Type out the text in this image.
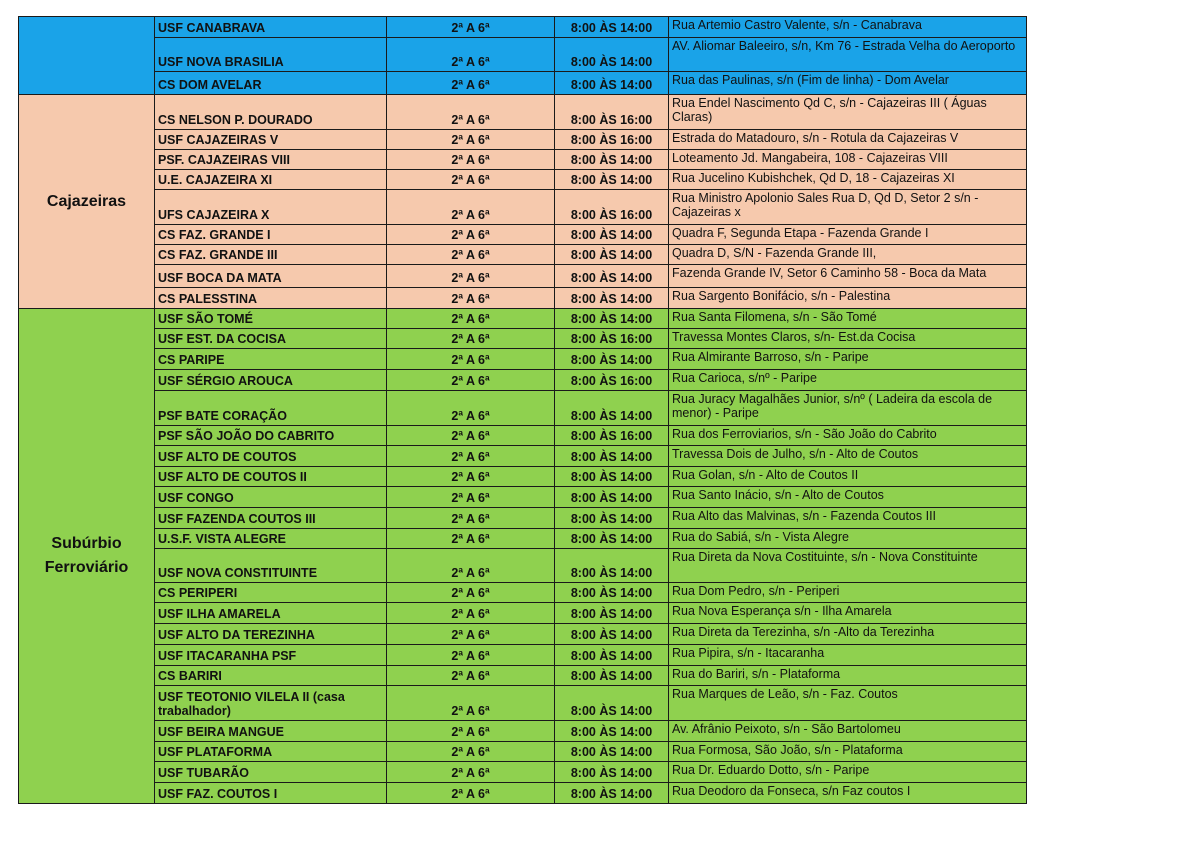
	USF CANABRAVA	2ª A 6ª	8:00 ÀS 14:00	Rua Artemio Castro Valente, s/n - Canabrava
	USF NOVA BRASILIA	2ª A 6ª	8:00 ÀS 14:00	AV. Aliomar Baleeiro, s/n, Km 76 - Estrada Velha do Aeroporto
	CS DOM AVELAR	2ª A 6ª	8:00 ÀS 14:00	Rua das Paulinas, s/n (Fim de linha) - Dom Avelar
Cajazeiras	CS NELSON P. DOURADO	2ª A 6ª	8:00 ÀS 16:00	Rua Endel Nascimento Qd C, s/n - Cajazeiras III ( Águas Claras)
	USF CAJAZEIRAS V	2ª A 6ª	8:00 ÀS 16:00	Estrada do Matadouro, s/n - Rotula da Cajazeiras V
	PSF. CAJAZEIRAS VIII	2ª A 6ª	8:00 ÀS 14:00	Loteamento Jd. Mangabeira, 108 - Cajazeiras VIII
	U.E. CAJAZEIRA XI	2ª A 6ª	8:00 ÀS 14:00	Rua Jucelino Kubishchek, Qd D, 18 - Cajazeiras XI
	UFS CAJAZEIRA X	2ª A 6ª	8:00 ÀS 16:00	Rua Ministro Apolonio Sales Rua D, Qd D, Setor 2 s/n - Cajazeiras x
	CS FAZ. GRANDE I	2ª A 6ª	8:00 ÀS 14:00	Quadra F, Segunda Etapa - Fazenda Grande I
	CS FAZ. GRANDE III	2ª A 6ª	8:00 ÀS 14:00	Quadra D, S/N - Fazenda Grande III,
	USF BOCA DA MATA	2ª A 6ª	8:00 ÀS 14:00	Fazenda Grande IV, Setor 6 Caminho 58 - Boca da Mata
	CS PALESSTINA	2ª A 6ª	8:00 ÀS 14:00	Rua Sargento Bonifácio, s/n - Palestina

Subúrbio
Ferroviário	USF SÃO TOMÉ	2ª A 6ª	8:00 ÀS 14:00	Rua Santa Filomena, s/n - São Tomé
	USF EST. DA COCISA	2ª A 6ª	8:00 ÀS 16:00	Travessa Montes Claros, s/n- Est.da Cocisa
	CS PARIPE	2ª A 6ª	8:00 ÀS 14:00	Rua Almirante Barroso, s/n - Paripe
	USF SÉRGIO AROUCA	2ª A 6ª	8:00 ÀS 16:00	Rua Carioca, s/nº - Paripe
	PSF BATE CORAÇÃO	2ª A 6ª	8:00 ÀS 14:00	Rua Juracy Magalhães Junior, s/nº ( Ladeira da escola de menor) - Paripe
	PSF SÃO JOÃO DO CABRITO	2ª A 6ª	8:00 ÀS 16:00	Rua dos Ferroviarios, s/n - São João do Cabrito
	USF ALTO DE COUTOS	2ª A 6ª	8:00 ÀS 14:00	Travessa Dois de Julho, s/n - Alto de Coutos
	USF ALTO DE COUTOS II	2ª A 6ª	8:00 ÀS 14:00	Rua Golan, s/n - Alto de Coutos II
	USF CONGO	2ª A 6ª	8:00 ÀS 14:00	Rua Santo Inácio, s/n - Alto de Coutos
	USF FAZENDA COUTOS III	2ª A 6ª	8:00 ÀS 14:00	Rua Alto das Malvinas, s/n - Fazenda Coutos III
	U.S.F. VISTA ALEGRE	2ª A 6ª	8:00 ÀS 14:00	Rua do Sabiá, s/n - Vista Alegre
	USF NOVA CONSTITUINTE	2ª A 6ª	8:00 ÀS 14:00	Rua Direta da Nova Costituinte, s/n - Nova Constituinte
	CS PERIPERI	2ª A 6ª	8:00 ÀS 14:00	Rua Dom Pedro, s/n - Periperi
	USF ILHA AMARELA	2ª A 6ª	8:00 ÀS 14:00	Rua Nova Esperança s/n - Ilha Amarela
	USF ALTO DA TEREZINHA	2ª A 6ª	8:00 ÀS 14:00	Rua Direta da Terezinha, s/n -Alto da Terezinha
	USF ITACARANHA PSF	2ª A 6ª	8:00 ÀS 14:00	Rua Pipira, s/n - Itacaranha
	CS BARIRI	2ª A 6ª	8:00 ÀS 14:00	Rua do Bariri, s/n - Plataforma
	USF TEOTONIO VILELA II (casa trabalhador)	2ª A 6ª	8:00 ÀS 14:00	Rua Marques de Leão, s/n - Faz. Coutos
	USF BEIRA MANGUE	2ª A 6ª	8:00 ÀS 14:00	Av. Afrânio Peixoto, s/n - São Bartolomeu
	USF PLATAFORMA	2ª A 6ª	8:00 ÀS 14:00	Rua Formosa, São João, s/n - Plataforma
	USF TUBARÃO	2ª A 6ª	8:00 ÀS 14:00	Rua Dr. Eduardo Dotto, s/n - Paripe
	USF FAZ. COUTOS I	2ª A 6ª	8:00 ÀS 14:00	Rua Deodoro da Fonseca, s/n Faz coutos I
